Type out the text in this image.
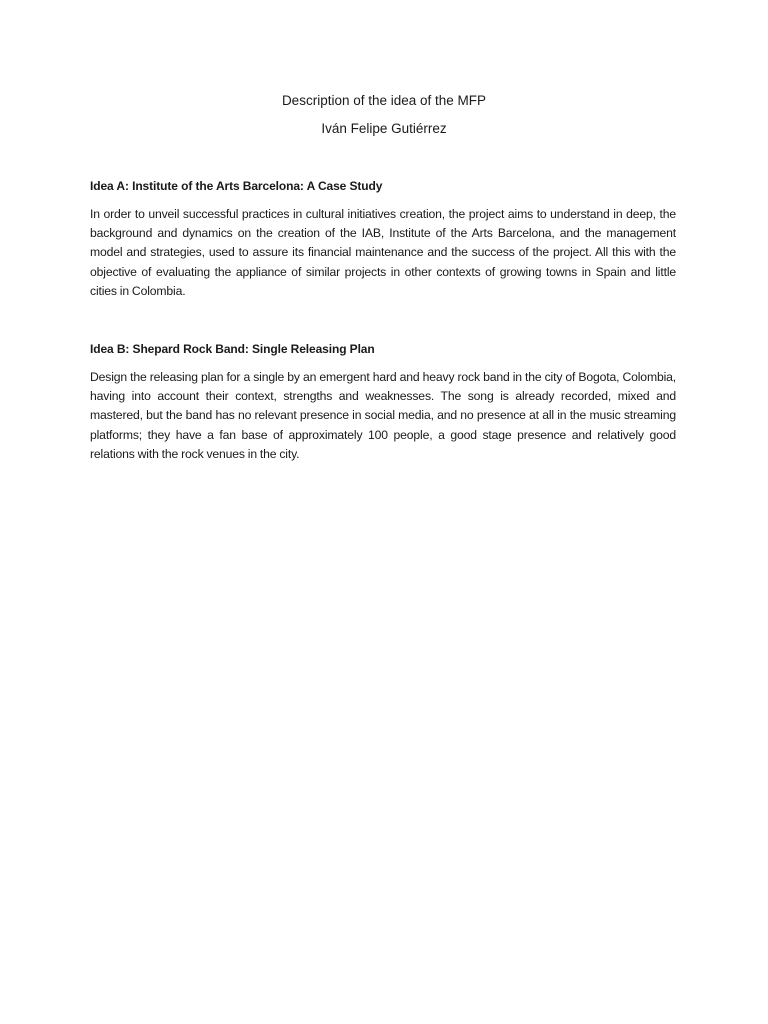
Description of the idea of the MFP

Iván Felipe Gutiérrez

Idea A: Institute of the Arts Barcelona: A Case Study

In order to unveil successful practices in cultural initiatives creation, the project aims to understand in deep, the background and dynamics on the creation of the IAB, Institute of the Arts Barcelona, and the management model and strategies, used to assure its financial maintenance and the success of the project. All this with the objective of evaluating the appliance of similar projects in other contexts of growing towns in Spain and little cities in Colombia.

Idea B: Shepard Rock Band: Single Releasing Plan

Design the releasing plan for a single by an emergent hard and heavy rock band in the city of Bogota, Colombia, having into account their context, strengths and weaknesses. The song is already recorded, mixed and mastered, but the band has no relevant presence in social media, and no presence at all in the music streaming platforms; they have a fan base of approximately 100 people, a good stage presence and relatively good relations with the rock venues in the city.
